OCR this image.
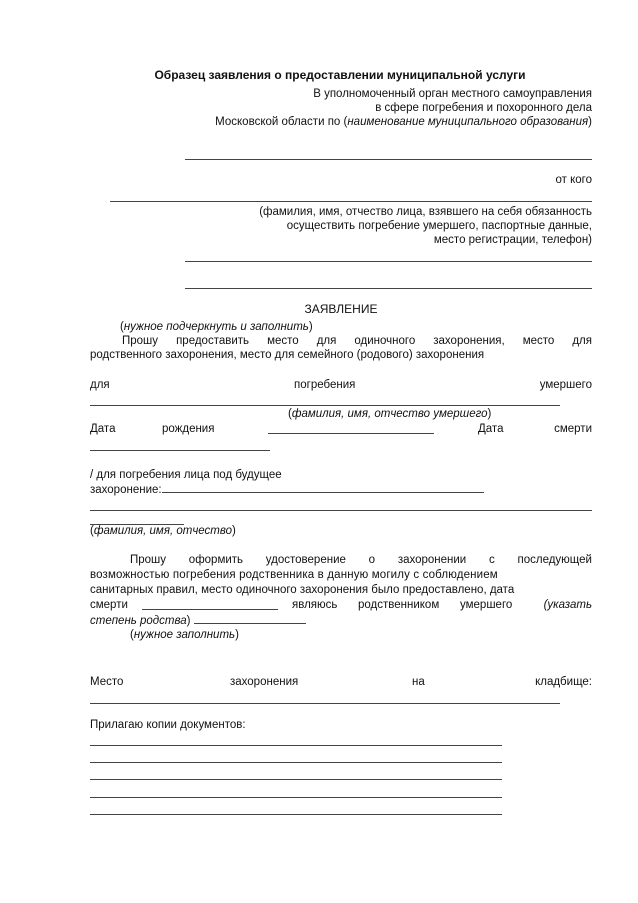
Образец заявления о предоставлении муниципальной услуги
В уполномоченный орган местного самоуправления
в сфере погребения и похоронного дела
Московской области по (наименование муниципального образования)
от кого
(фамилия, имя, отчество лица, взявшего на себя обязанность
осуществить погребение умершего, паспортные данные,
место регистрации, телефон)
ЗАЯВЛЕНИЕ
(нужное подчеркнуть и заполнить)
Прошу предоставить место для одиночного захоронения, место для
родственного захоронения, место для семейного (родового) захоронения
для	погребения	умершего
(фамилия, имя, отчество умершего)
Дата	рождения	Дата	смерти
/ для погребения лица под будущее
захоронение:
(фамилия, имя, отчество)
Прошу оформить удостоверение о захоронении с последующей
возможностью погребения родственника в данную могилу с соблюдением
санитарных правил, место одиночного захоронения было предоставлено, дата
смерти	являюсь родственником умершего	(указать
степень родства)
(нужное заполнить)
Место	захоронения	на	кладбище:
Прилагаю копии документов:
